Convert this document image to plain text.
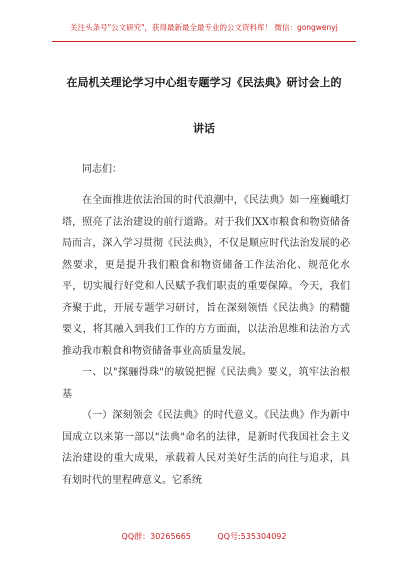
关注头条号"公文研究"，获得最新最全最专业的公文资料库！ 微信：gongwenyj
在局机关理论学习中心组专题学习《民法典》研讨会上的
讲话
同志们：

在全面推进依法治国的时代浪潮中，《民法典》如一座巍峨灯塔，照亮了法治建设的前行道路。对于我们XX市粮食和物资储备局而言，深入学习贯彻《民法典》，不仅是顺应时代法治发展的必然要求，更是提升我们粮食和物资储备工作法治化、规范化水平，切实履行好党和人民赋予我们职责的重要保障。今天，我们齐聚于此，开展专题学习研讨，旨在深刻领悟《民法典》的精髓要义，将其融入到我们工作的方方面面，以法治思维和法治方式推动我市粮食和物资储备事业高质量发展。

一、以"探骊得珠"的敏锐把握《民法典》要义，筑牢法治根基

（一）深刻领会《民法典》的时代意义。《民法典》作为新中国成立以来第一部以"法典"命名的法律，是新时代我国社会主义法治建设的重大成果，承载着人民对美好生活的向往与追求，具有划时代的里程碑意义。它系统

QQ群：30265665	QQ号:535304092
